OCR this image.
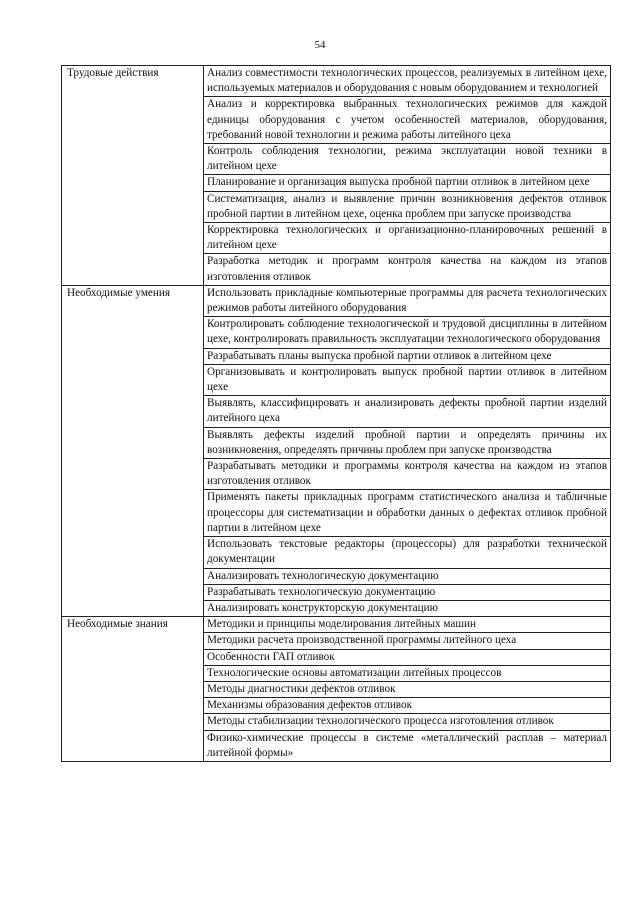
54
Трудовые действия	Анализ совместимости технологических процессов, реализуемых в литейном цехе, используемых материалов и оборудования с новым оборудованием и технологией
	Анализ и корректировка выбранных технологических режимов для каждой единицы оборудования с учетом особенностей материалов, оборудования, требований новой технологии и режима работы литейного цеха
	Контроль соблюдения технологии, режима эксплуатации новой техники в литейном цехе
	Планирование и организация выпуска пробной партии отливок в литейном цехе
	Систематизация, анализ и выявление причин возникновения дефектов отливок пробной партии в литейном цехе, оценка проблем при запуске производства
	Корректировка технологических и организационно-планировочных решений в литейном цехе
	Разработка методик и программ контроля качества на каждом из этапов изготовления отливок
Необходимые умения	Использовать прикладные компьютерные программы для расчета технологических режимов работы литейного оборудования
	Контролировать соблюдение технологической и трудовой дисциплины в литейном цехе, контролировать правильность эксплуатации технологического оборудования
	Разрабатывать планы выпуска пробной партии отливок в литейном цехе
	Организовывать и контролировать выпуск пробной партии отливок в литейном цехе
	Выявлять, классифицировать и анализировать дефекты пробной партии изделий литейного цеха
	Выявлять дефекты изделий пробной партии и определять причины их возникновения, определять причины проблем при запуске производства
	Разрабатывать методики и программы контроля качества на каждом из этапов изготовления отливок
	Применять пакеты прикладных программ статистического анализа и табличные процессоры для систематизации и обработки данных о дефектах отливок пробной партии в литейном цехе
	Использовать текстовые редакторы (процессоры) для разработки технической документации
	Анализировать технологическую документацию
	Разрабатывать технологическую документацию
	Анализировать конструкторскую документацию
Необходимые знания	Методики и принципы моделирования литейных машин
	Методики расчета производственной программы литейного цеха
	Особенности ГАП отливок
	Технологические основы автоматизации литейных процессов
	Методы диагностики дефектов отливок
	Механизмы образования дефектов отливок
	Методы стабилизации технологического процесса изготовления отливок
	Физико-химические процессы в системе «металлический расплав – материал литейной формы»
